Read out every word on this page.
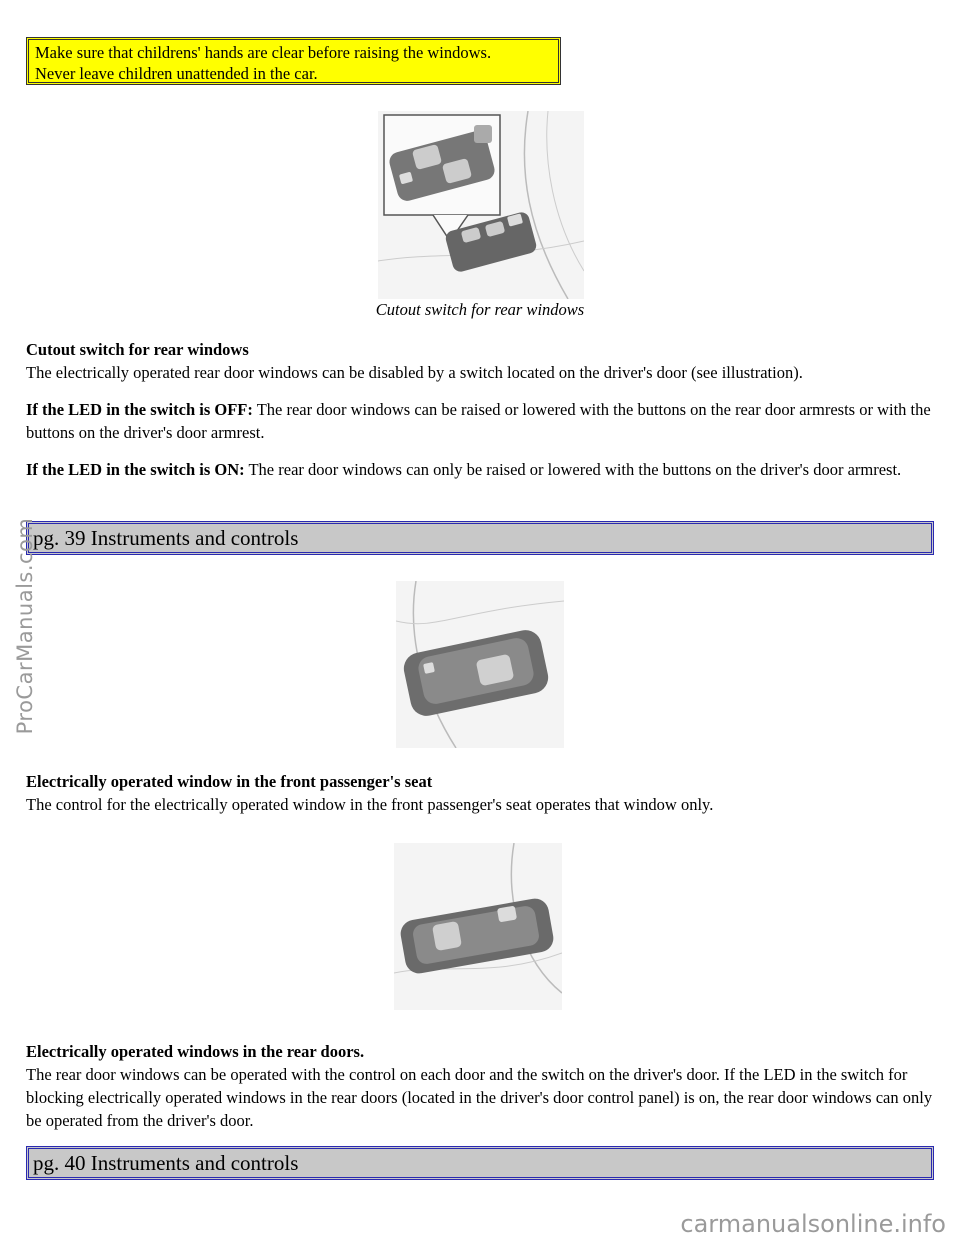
Make sure that childrens' hands are clear before raising the windows.
Never leave children unattended in the car.
Cutout switch for rear windows

Cutout switch for rear windows
The electrically operated rear door windows can be disabled by a switch located on the driver's door (see illustration).

If the LED in the switch is OFF: The rear door windows can be raised or lowered with the buttons on the rear door armrests or with the buttons on the driver's door armrest.

If the LED in the switch is ON: The rear door windows can only be raised or lowered with the buttons on the driver's door armrest.

pg. 39 Instruments and controls

Electrically operated window in the front passenger's seat
The control for the electrically operated window in the front passenger's seat operates that window only.

Electrically operated windows in the rear doors.
The rear door windows can be operated with the control on each door and the switch on the driver's door. If the LED in the switch for blocking electrically operated windows in the rear doors (located in the driver's door control panel) is on, the rear door windows can only be operated from the driver's door.

pg. 40 Instruments and controls
ProCarManuals.com
carmanualsonline.info
